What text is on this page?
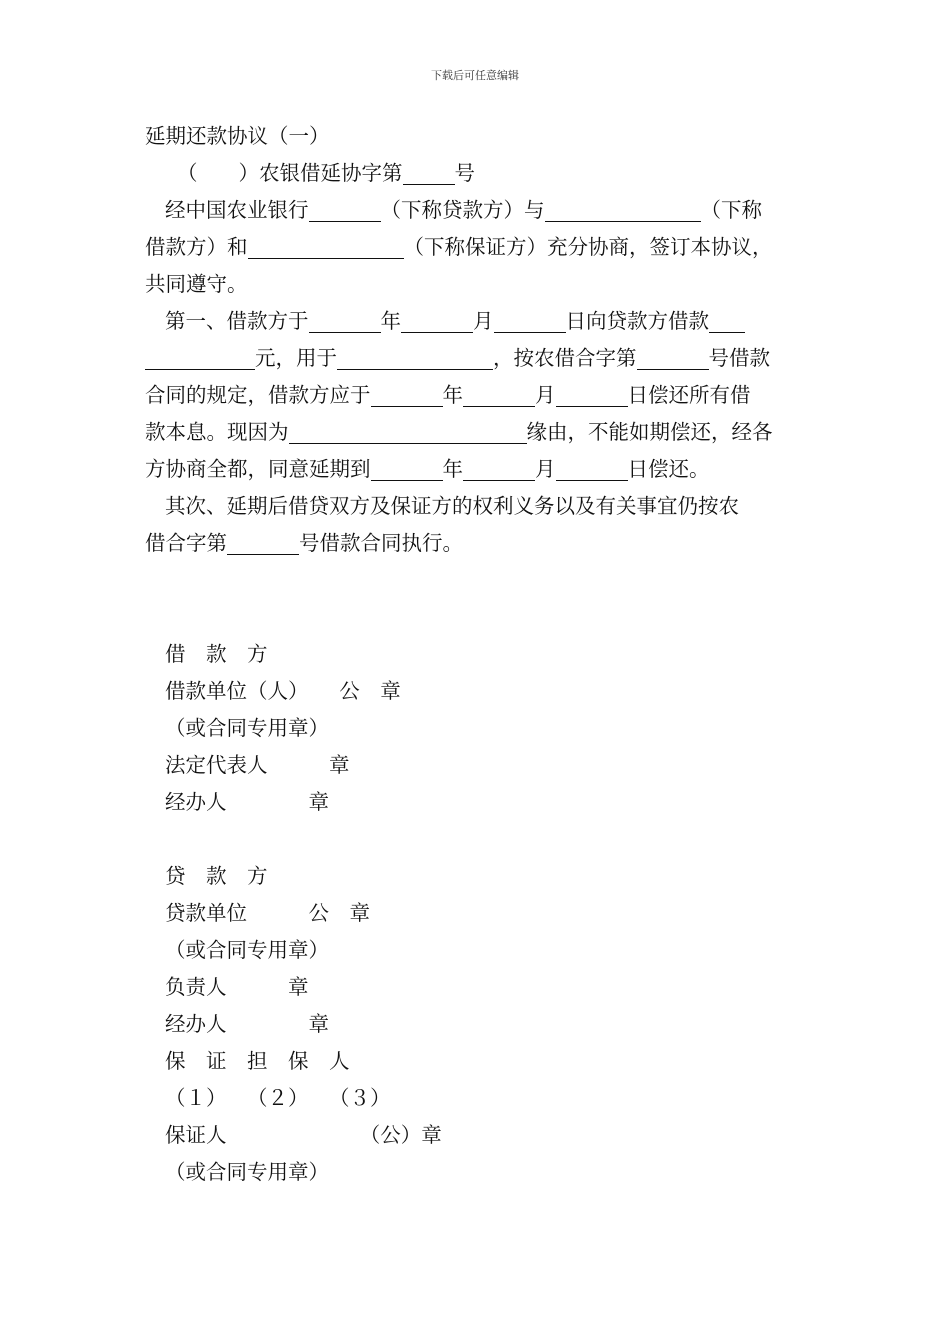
下载后可任意编辑
延期还款协议（一）
（　　）农银借延协字第	号
经中国农业银行	（下称贷款方）与	（下称
借款方）和	（下称保证方）充分协商，签订本协议，
共同遵守。
第一、借款方于	年	月	日向贷款方借款
元，用于	，按农借合字第	号借款
合同的规定，借款方应于	年	月	日偿还所有借
款本息。现因为	缘由，不能如期偿还，经各
方协商全都，同意延期到	年	月	日偿还。
其次、延期后借贷双方及保证方的权利义务以及有关事宜仍按农
借合字第	号借款合同执行。
借　款　方
借款单位（人）　　公　章
（或合同专用章）
法定代表人　　　章
经办人　　　　章
贷　款　方
贷款单位　　　公　章
（或合同专用章）
负责人　　　章
经办人　　　　章
保　证　担　保　人
（１）　　（２）　　（３）
保证人　　　　　　　（公）章
（或合同专用章）
